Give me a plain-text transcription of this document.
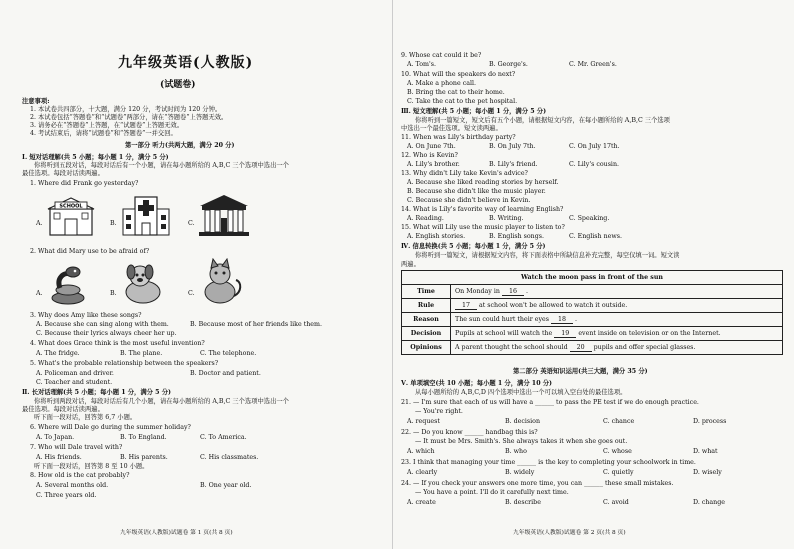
九年级英语(人教版)
(试题卷)
注意事项:
1. 本试卷共四部分，十大题，满分 120 分，考试时间为 120 分钟。
2. 本试卷包括“答题卷”和“试题卷”两部分，请在“答题卷”上答题无效。
3. 请务必在“答题卷”上答题，在“试题卷”上答题无效。
4. 考试结束后，请将“试题卷”和“答题卷”一并交回。
第一部分 听力(共两大题，满分 20 分)
Ⅰ. 短对话理解(共 5 小题；每小题 1 分，满分 5 分)
你将听到五段对话，每段对话后有一个小题，请在每小题所给的 A,B,C 三个选项中选出一个
最佳选项。每段对话读两遍。
1. Where did Frank go yesterday?
A.
SCHOOL
B.	C.
2. What did Mary use to be afraid of?
A.	B.	C.
3. Why does Amy like these songs?
A. Because she can sing along with them.	B. Because most of her friends like them.
C. Because their lyrics always cheer her up.
4. What does Grace think is the most useful invention?
A. The fridge.	B. The plane.	C. The telephone.
5. What's the probable relationship between the speakers?
A. Policeman and driver.	B. Doctor and patient.
C. Teacher and student.
Ⅱ. 长对话理解(共 5 小题；每小题 1 分，满分 5 分)
你将听到两段对话，每段对话后有几个小题，请在每小题所给的 A,B,C 三个选项中选出一个
最佳选项。每段对话读两遍。
听下面一段对话，回答第 6,7 小题。
6. Where will Dale go during the summer holiday?
A. To Japan.	B. To England.	C. To America.
7. Who will Dale travel with?
A. His friends.	B. His parents.	C. His classmates.
听下面一段对话，回答第 8 至 10 小题。
8. How old is the cat probably?
A. Several months old.	B. One year old.
C. Three years old.
九年级英语(人教版)试题卷 第 1 页(共 8 页)
9. Whose cat could it be?
A. Tom's.	B. George's.	C. Mr. Green's.
10. What will the speakers do next?
A. Make a phone call.
B. Bring the cat to their home.
C. Take the cat to the pet hospital.
Ⅲ. 短文理解(共 5 小题；每小题 1 分，满分 5 分)
你将听到一篇短文，短文后有五个小题，请根据短文内容，在每小题所给的 A,B,C 三个选项
中选出一个最佳选项。短文读两遍。
11. When was Lily's birthday party?
A. On June 7th.	B. On July 7th.	C. On July 17th.
12. Who is Kevin?
A. Lily's brother.	B. Lily's friend.	C. Lily's cousin.
13. Why didn't Lily take Kevin's advice?
A. Because she liked reading stories by herself.
B. Because she didn't like the music player.
C. Because she didn't believe in Kevin.
14. What is Lily's favorite way of learning English?
A. Reading.	B. Writing.	C. Speaking.
15. What will Lily use the music player to listen to?
A. English stories.	B. English songs.	C. English news.
Ⅳ. 信息转换(共 5 小题；每小题 1 分，满分 5 分)
你将听到一篇短文，请根据短文内容，将下面表格中所缺信息补充完整，每空仅填一词。短文读
两遍。
Watch the moon pass in front of the sun	
Time	On Monday in 16 .
Rule	17 at school won't be allowed to watch it outside.
Reason	The sun could hurt their eyes 18 .
Decision	Pupils at school will watch the 19 event inside on television or on the Internet.
Opinions	A parent thought the school should 20 pupils and offer special glasses.
第二部分 英语知识运用(共三大题，满分 35 分)
Ⅴ. 单项填空(共 10 小题；每小题 1 分，满分 10 分)
从每小题所给的 A,B,C,D 四个选项中选出一个可以填入空白处的最佳选项。
21. — I'm sure that each of us will have a ______ to pass the PE test if we do enough practice.
— You're right.
A. request	B. decision	C. chance	D. process
22. — Do you know ______ handbag this is?
— It must be Mrs. Smith's. She always takes it when she goes out.
A. which	B. who	C. whose	D. what
23. I think that managing your time ______ is the key to completing your schoolwork in time.
A. clearly	B. widely	C. quietly	D. wisely
24. — If you check your answers one more time, you can ______ these small mistakes.
— You have a point. I'll do it carefully next time.
A. create	B. describe	C. avoid	D. change
九年级英语(人教版)试题卷 第 2 页(共 8 页)
